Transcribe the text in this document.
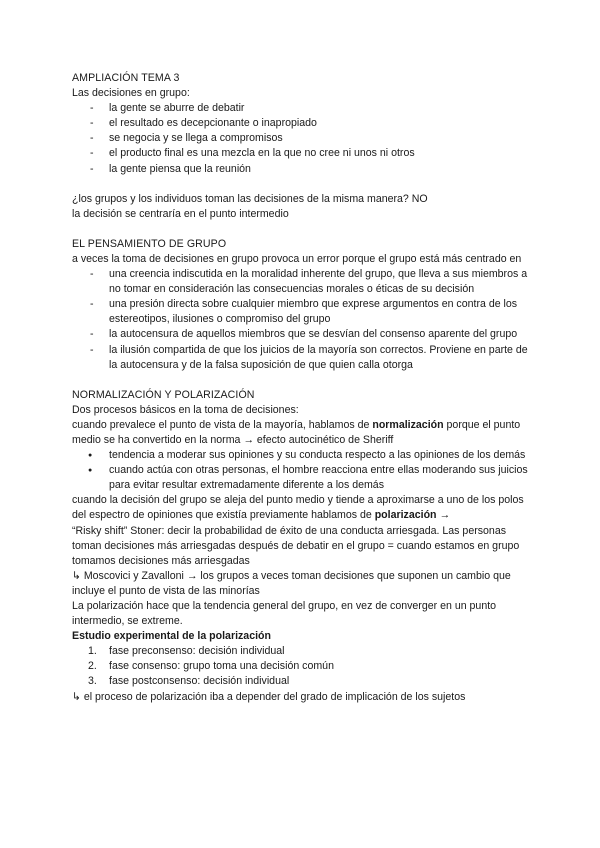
AMPLIACIÓN TEMA 3

Las decisiones en grupo:

- la gente se aburre de debatir
- el resultado es decepcionante o inapropiado
- se negocia y se llega a compromisos
- el producto final es una mezcla en la que no cree ni unos ni otros
- la gente piensa que la reunión

¿los grupos y los individuos toman las decisiones de la misma manera? NO

la decisión se centraría en el punto intermedio

EL PENSAMIENTO DE GRUPO

a veces la toma de decisiones en grupo provoca un error porque el grupo está más centrado en

- una creencia indiscutida en la moralidad inherente del grupo, que lleva a sus miembros a no tomar en consideración las consecuencias morales o éticas de su decisión
- una presión directa sobre cualquier miembro que exprese argumentos en contra de los estereotipos, ilusiones o compromiso del grupo
- la autocensura de aquellos miembros que se desvían del consenso aparente del grupo
- la ilusión compartida de que los juicios de la mayoría son correctos. Proviene en parte de la autocensura y de la falsa suposición de que quien calla otorga

NORMALIZACIÓN Y POLARIZACIÓN

Dos procesos básicos en la toma de decisiones:

cuando prevalece el punto de vista de la mayoría, hablamos de normalización porque el punto medio se ha convertido en la norma → efecto autocinético de Sheriff

● tendencia a moderar sus opiniones y su conducta respecto a las opiniones de los demás
● cuando actúa con otras personas, el hombre reacciona entre ellas moderando sus juicios para evitar resultar extremadamente diferente a los demás

cuando la decisión del grupo se aleja del punto medio y tiende a aproximarse a uno de los polos del espectro de opiniones que existía previamente hablamos de polarización →

“Risky shift” Stoner: decir la probabilidad de éxito de una conducta arriesgada. Las personas toman decisiones más arriesgadas después de debatir en el grupo = cuando estamos en grupo tomamos decisiones más arriesgadas

↳ Moscovici y Zavalloni → los grupos a veces toman decisiones que suponen un cambio que incluye el punto de vista de las minorías

La polarización hace que la tendencia general del grupo, en vez de converger en un punto intermedio, se extreme.

Estudio experimental de la polarización

1. fase preconsenso: decisión individual
2. fase consenso: grupo toma una decisión común
3. fase postconsenso: decisión individual

↳ el proceso de polarización iba a depender del grado de implicación de los sujetos
